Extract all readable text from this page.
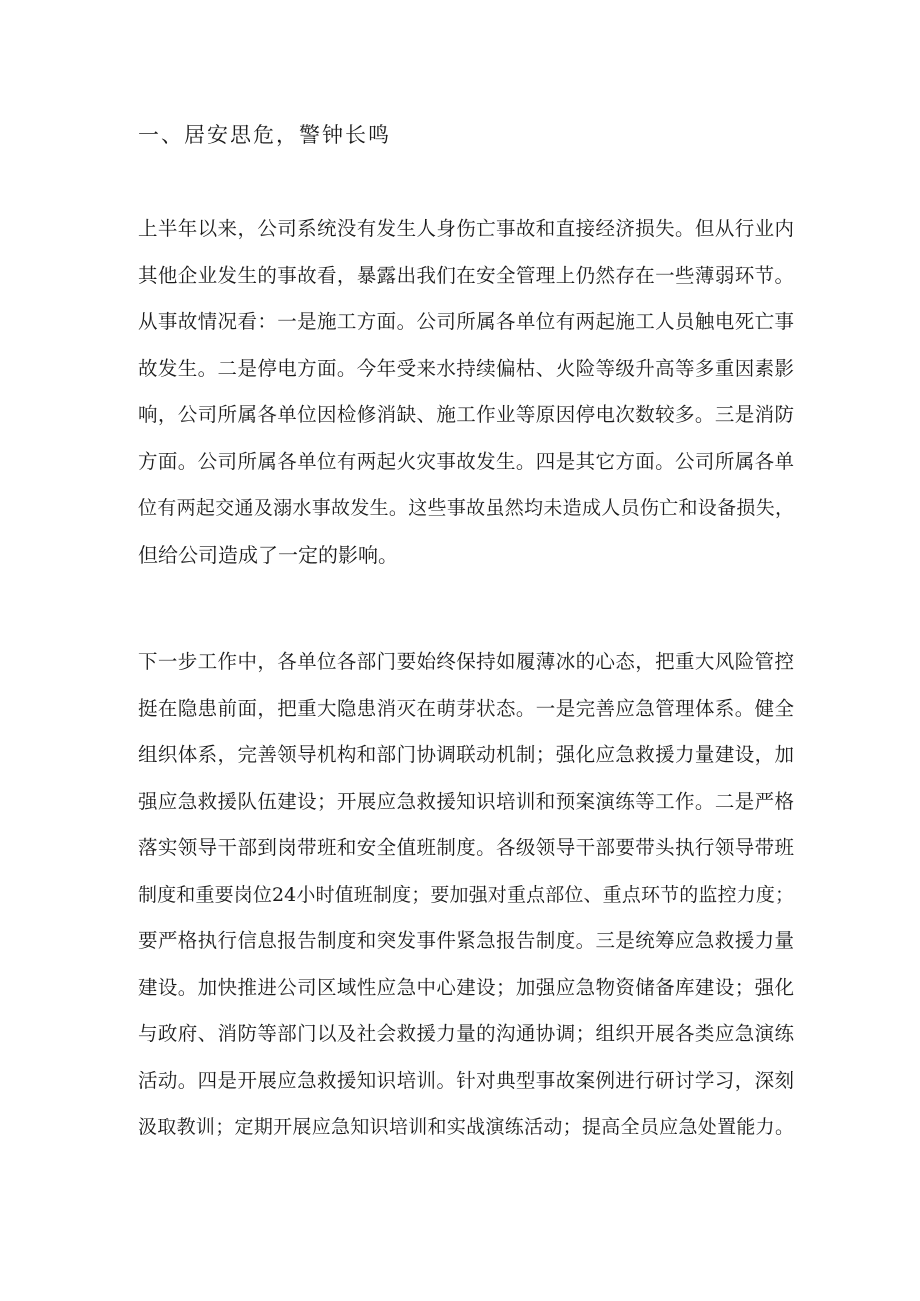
一、居安思危，警钟长鸣
上半年以来，公司系统没有发生人身伤亡事故和直接经济损失。但从行业内
其他企业发生的事故看，暴露出我们在安全管理上仍然存在一些薄弱环节。
从事故情况看：一是施工方面。公司所属各单位有两起施工人员触电死亡事
故发生。二是停电方面。今年受来水持续偏枯、火险等级升高等多重因素影
响，公司所属各单位因检修消缺、施工作业等原因停电次数较多。三是消防
方面。公司所属各单位有两起火灾事故发生。四是其它方面。公司所属各单
位有两起交通及溺水事故发生。这些事故虽然均未造成人员伤亡和设备损失，
但给公司造成了一定的影响。
下一步工作中，各单位各部门要始终保持如履薄冰的心态，把重大风险管控
挺在隐患前面，把重大隐患消灭在萌芽状态。一是完善应急管理体系。健全
组织体系，完善领导机构和部门协调联动机制；强化应急救援力量建设，加
强应急救援队伍建设；开展应急救援知识培训和预案演练等工作。二是严格
落实领导干部到岗带班和安全值班制度。各级领导干部要带头执行领导带班
制度和重要岗位24小时值班制度；要加强对重点部位、重点环节的监控力度；
要严格执行信息报告制度和突发事件紧急报告制度。三是统筹应急救援力量
建设。加快推进公司区域性应急中心建设；加强应急物资储备库建设；强化
与政府、消防等部门以及社会救援力量的沟通协调；组织开展各类应急演练
活动。四是开展应急救援知识培训。针对典型事故案例进行研讨学习，深刻
汲取教训；定期开展应急知识培训和实战演练活动；提高全员应急处置能力。
